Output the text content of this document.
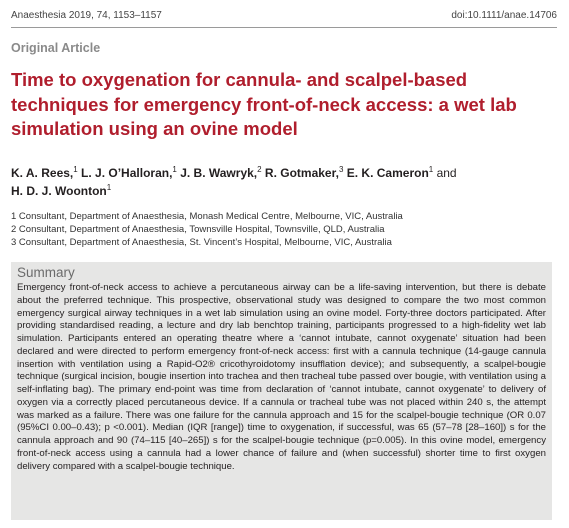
Anaesthesia 2019, 74, 1153–1157	doi:10.1111/anae.14706
Original Article
Time to oxygenation for cannula- and scalpel-based techniques for emergency front-of-neck access: a wet lab simulation using an ovine model
K. A. Rees,$^1$ L. J. O’Halloran,$^1$ J. B. Wawryk,$^2$ R. Gotmaker,$^3$ E. K. Cameron$^1$ and
H. D. J. Woonton$^1$
1 Consultant, Department of Anaesthesia, Monash Medical Centre, Melbourne, VIC, Australia
2 Consultant, Department of Anaesthesia, Townsville Hospital, Townsville, QLD, Australia
3 Consultant, Department of Anaesthesia, St. Vincent’s Hospital, Melbourne, VIC, Australia
Summary

Emergency front-of-neck access to achieve a percutaneous airway can be a life-saving intervention, but there is debate about the preferred technique. This prospective, observational study was designed to compare the two most common emergency surgical airway techniques in a wet lab simulation using an ovine model. Forty-three doctors participated. After providing standardised reading, a lecture and dry lab benchtop training, participants progressed to a high-fidelity wet lab simulation. Participants entered an operating theatre where a ‘cannot intubate, cannot oxygenate’ situation had been declared and were directed to perform emergency front-of-neck access: first with a cannula technique (14-gauge cannula insertion with ventilation using a Rapid-O2® cricothyroidotomy insufflation device); and subsequently, a scalpel-bougie technique (surgical incision, bougie insertion into trachea and then tracheal tube passed over bougie, with ventilation using a self-inflating bag). The primary end-point was time from declaration of ‘cannot intubate, cannot oxygenate’ to delivery of oxygen via a correctly placed percutaneous device. If a cannula or tracheal tube was not placed within 240 s, the attempt was marked as a failure. There was one failure for the cannula approach and 15 for the scalpel-bougie technique (OR 0.07 (95%CI 0.00–0.43); p <0.001). Median (IQR [range]) time to oxygenation, if successful, was 65 (57–78 [28–160]) s for the cannula approach and 90 (74–115 [40–265]) s for the scalpel-bougie technique (p=0.005). In this ovine model, emergency front-of-neck access using a cannula had a lower chance of failure and (when successful) shorter time to first oxygen delivery compared with a scalpel-bougie technique.
